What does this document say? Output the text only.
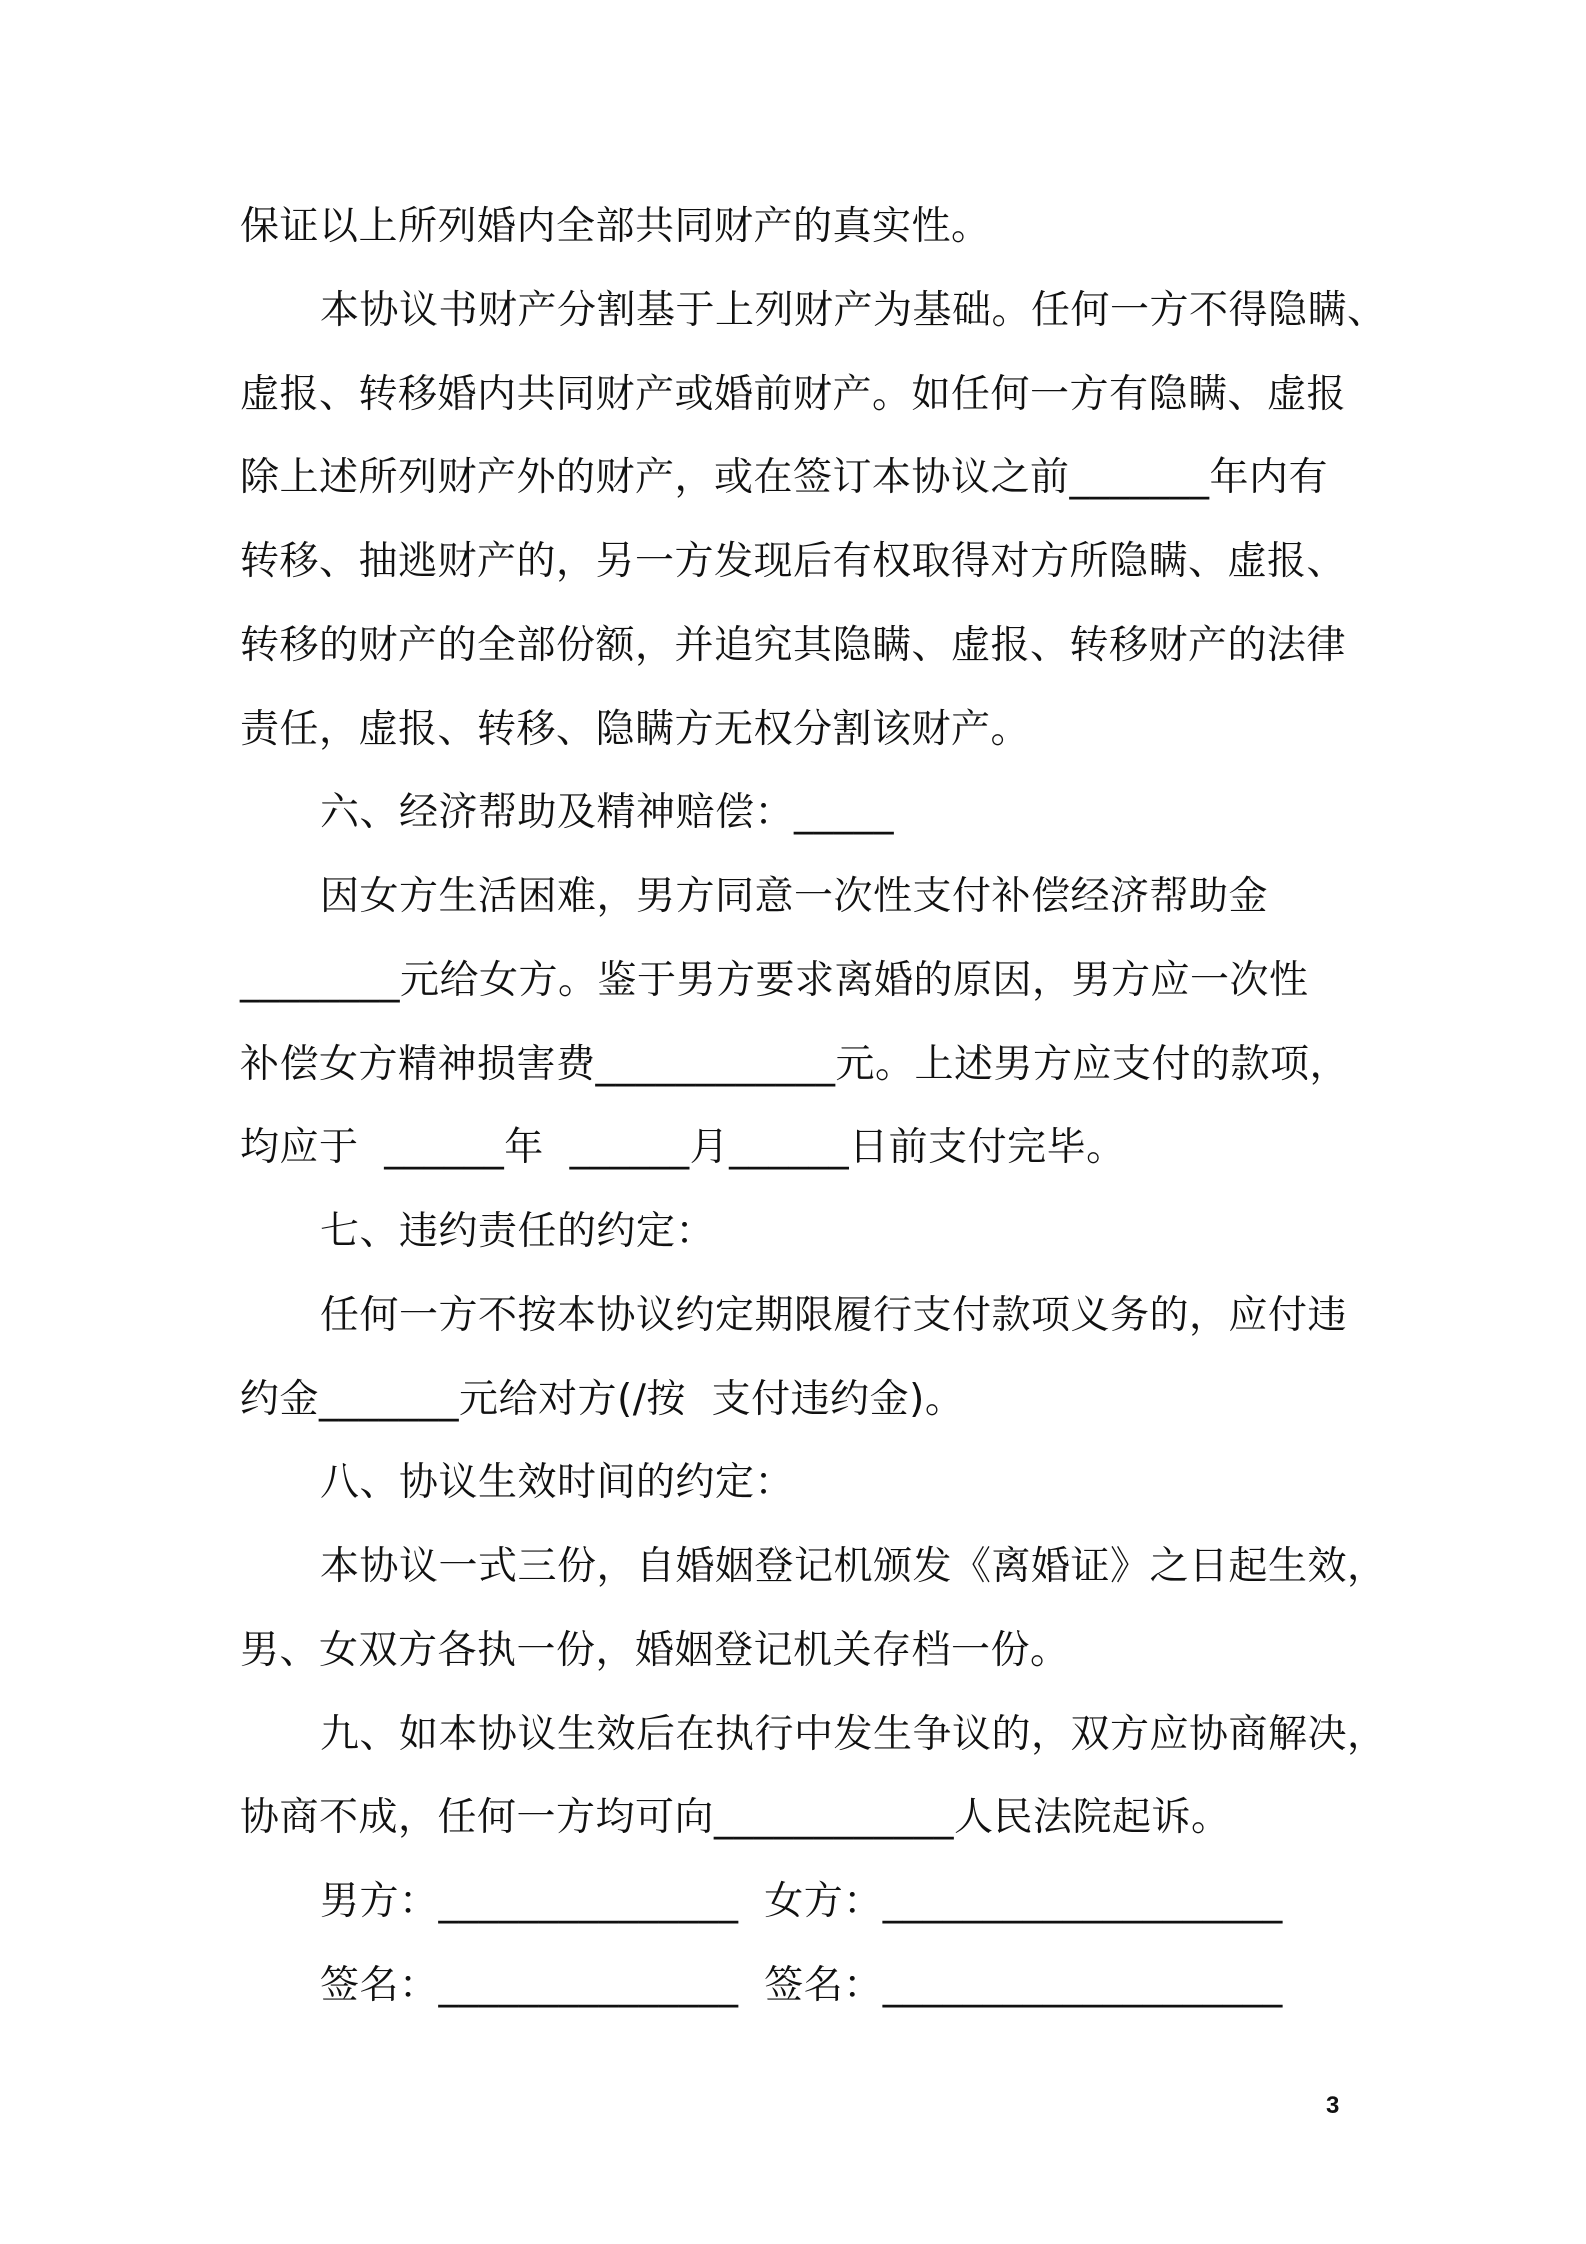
保证以上所列婚内全部共同财产的真实性。
本协议书财产分割基于上列财产为基础。任何一方不得隐瞒、
虚报、转移婚内共同财产或婚前财产。如任何一方有隐瞒、虚报
除上述所列财产外的财产，或在签订本协议之前_______年内有
转移、抽逃财产的，另一方发现后有权取得对方所隐瞒、虚报、
转移的财产的全部份额，并追究其隐瞒、虚报、转移财产的法律
责任，虚报、转移、隐瞒方无权分割该财产。
六、经济帮助及精神赔偿：_____
因女方生活困难，男方同意一次性支付补偿经济帮助金
________元给女方。鉴于男方要求离婚的原因，男方应一次性
补偿女方精神损害费____________元。上述男方应支付的款项，
均应于  ______年  ______月______日前支付完毕。
七、违约责任的约定：
任何一方不按本协议约定期限履行支付款项义务的，应付违
约金_______元给对方(/按  支付违约金)。
八、协议生效时间的约定：
本协议一式三份，自婚姻登记机颁发《离婚证》之日起生效，
男、女双方各执一份，婚姻登记机关存档一份。
九、如本协议生效后在执行中发生争议的，双方应协商解决，
协商不成，任何一方均可向____________人民法院起诉。
男方：_______________  女方：____________________
签名：_______________  签名：____________________
3
